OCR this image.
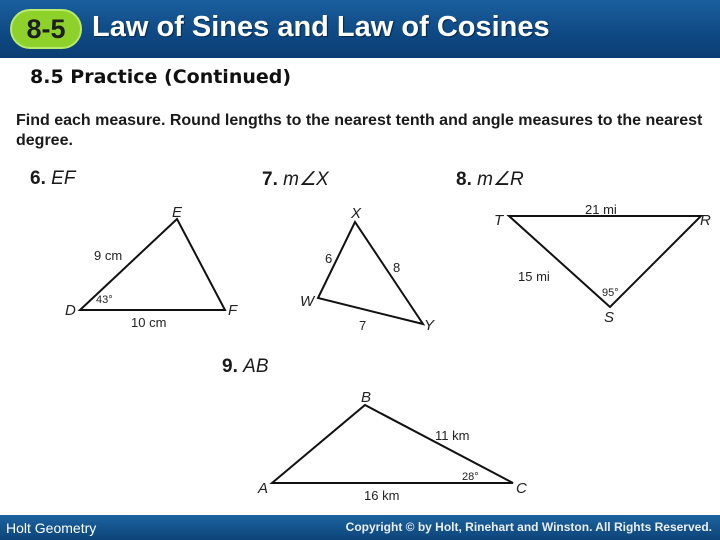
8-5 Law of Sines and Law of Cosines
8.5 Practice (Continued)
Find each measure. Round lengths to the nearest tenth and angle measures to the nearest degree.
6. EF	7. m∠X	8. m∠R
9. AB
E
D	F
9 cm
10 cm
43°
X
W
Y
6
8
7
T	R
S
21 mi
15 mi
95°
B
A	C
11 km
16 km
28°
Holt Geometry	Copyright © by Holt, Rinehart and Winston. All Rights Reserved.
